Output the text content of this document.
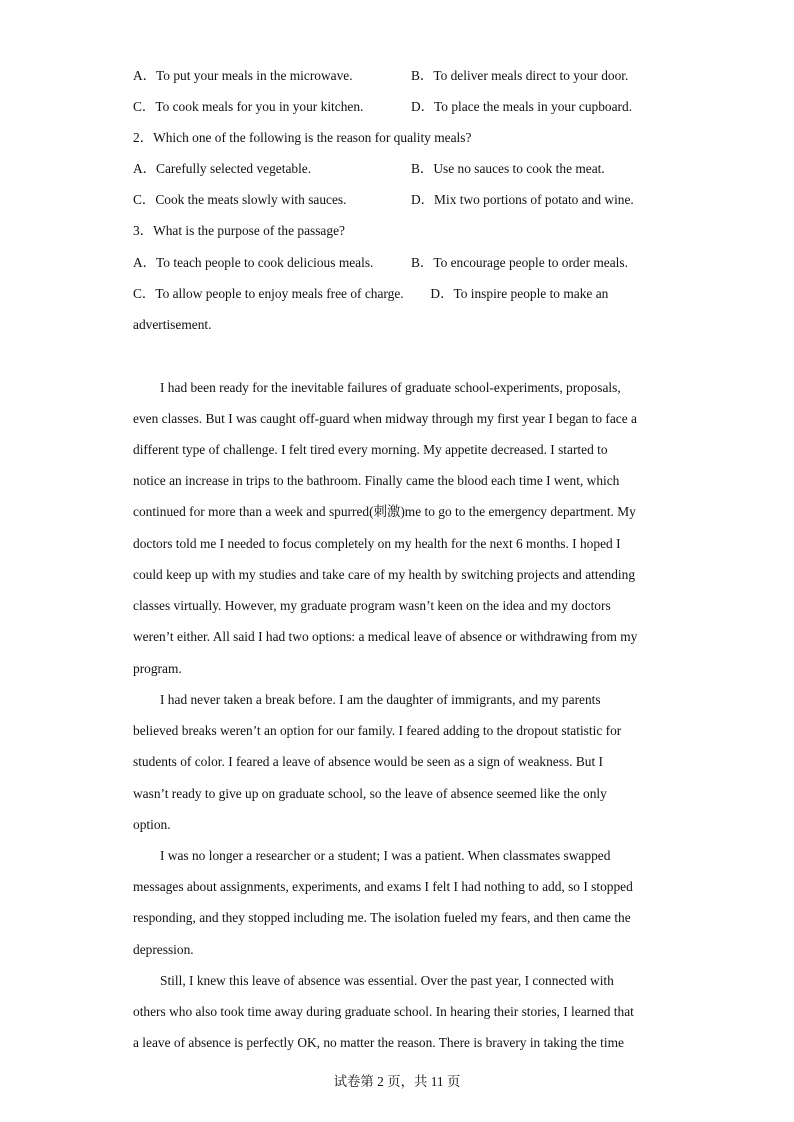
A．To put your meals in the microwave.	B．To deliver meals direct to your door.
C．To cook meals for you in your kitchen.	D．To place the meals in your cupboard.
2．Which one of the following is the reason for quality meals?
A．Carefully selected vegetable.	B．Use no sauces to cook the meat.
C．Cook the meats slowly with sauces.	D．Mix two portions of potato and wine.
3．What is the purpose of the passage?
A．To teach people to cook delicious meals.	B．To encourage people to order meals.
C．To allow people to enjoy meals free of charge.　　D．To inspire people to make an
advertisement.
I had been ready for the inevitable failures of graduate school-experiments, proposals,
even classes. But I was caught off-guard when midway through my first year I began to face a
different type of challenge. I felt tired every morning. My appetite decreased. I started to
notice an increase in trips to the bathroom. Finally came the blood each time I went, which
continued for more than a week and spurred(刺激)me to go to the emergency department. My
doctors told me I needed to focus completely on my health for the next 6 months. I hoped I
could keep up with my studies and take care of my health by switching projects and attending
classes virtually. However, my graduate program wasn’t keen on the idea and my doctors
weren’t either. All said I had two options: a medical leave of absence or withdrawing from my
program.
I had never taken a break before. I am the daughter of immigrants, and my parents
believed breaks weren’t an option for our family. I feared adding to the dropout statistic for
students of color. I feared a leave of absence would be seen as a sign of weakness. But I
wasn’t ready to give up on graduate school, so the leave of absence seemed like the only
option.
I was no longer a researcher or a student; I was a patient. When classmates swapped
messages about assignments, experiments, and exams I felt I had nothing to add, so I stopped
responding, and they stopped including me. The isolation fueled my fears, and then came the
depression.
Still, I knew this leave of absence was essential. Over the past year, I connected with
others who also took time away during graduate school. In hearing their stories, I learned that
a leave of absence is perfectly OK, no matter the reason. There is bravery in taking the time
试卷第 2 页，共 11 页
